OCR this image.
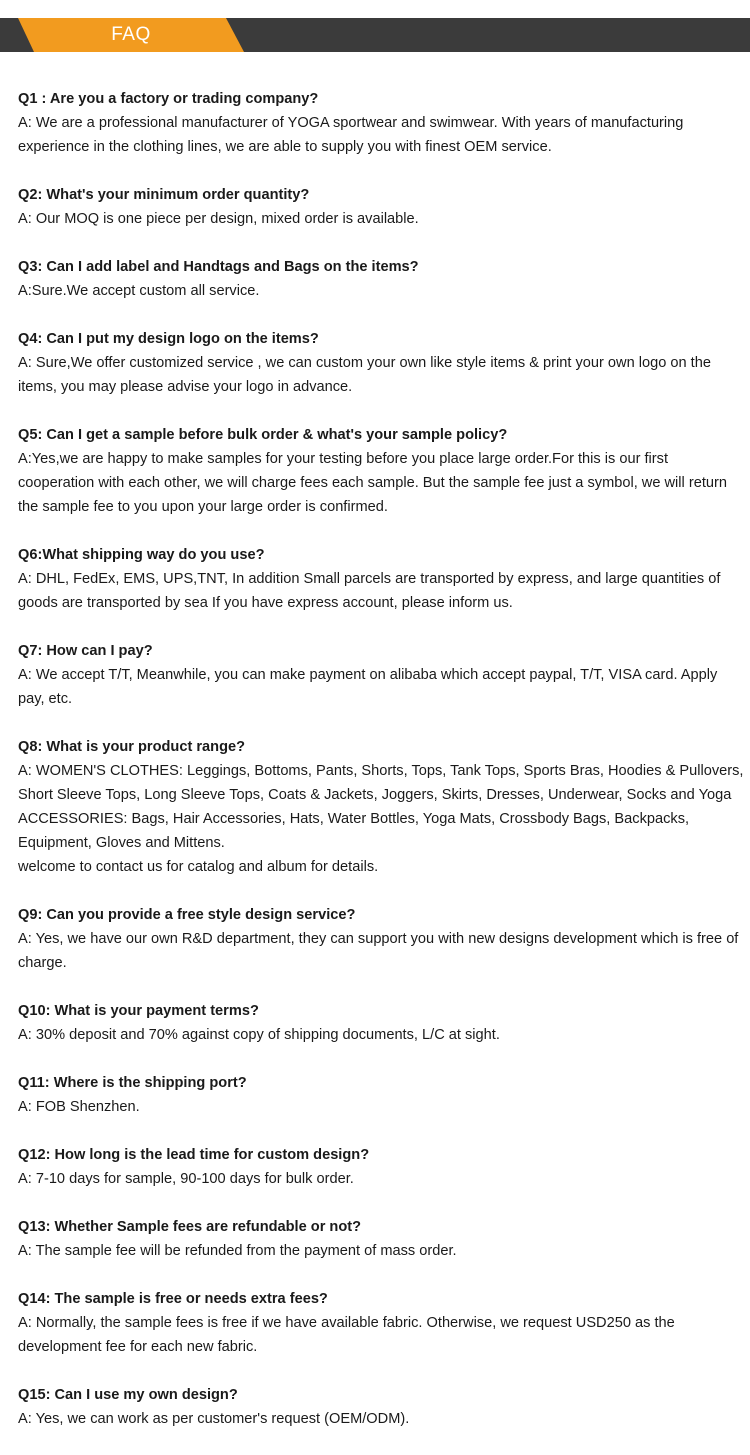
FAQ
Q1 : Are you a factory or trading company?
A: We are a professional manufacturer of YOGA sportwear and swimwear. With years of manufacturing experience in the clothing lines, we are able to supply you with finest OEM service.
Q2: What's your minimum order quantity?
A: Our MOQ is one piece per design, mixed order is available.
Q3: Can I add label and Handtags and Bags on the items?
A:Sure.We accept custom all service.
Q4: Can I put my design logo on the items?
A: Sure,We offer customized service , we can custom your own like style items & print your own logo on the items, you may please advise your logo in advance.
Q5: Can I get a sample before bulk order & what's your sample policy?
A:Yes,we are happy to make samples for your testing before you place large order.For this is our first cooperation with each other, we will charge fees each sample. But the sample fee just a symbol, we will return the sample fee to you upon your large order is confirmed.
Q6:What shipping way do you use?
A: DHL, FedEx, EMS, UPS,TNT, In addition Small parcels are transported by express, and large quantities of goods are transported by sea If you have express account, please inform us.
Q7: How can I pay?
A: We accept T/T, Meanwhile, you can make payment on alibaba which accept paypal, T/T, VISA card. Apply pay, etc.
Q8: What is your product range?
A: WOMEN'S CLOTHES: Leggings, Bottoms, Pants, Shorts, Tops, Tank Tops, Sports Bras, Hoodies & Pullovers, Short Sleeve Tops, Long Sleeve Tops, Coats & Jackets, Joggers, Skirts, Dresses, Underwear, Socks and Yoga ACCESSORIES: Bags, Hair Accessories, Hats, Water Bottles, Yoga Mats, Crossbody Bags, Backpacks, Equipment, Gloves and Mittens.
welcome to contact us for catalog and album for details.
Q9: Can you provide a free style design service?
A: Yes, we have our own R&D department, they can support you with new designs development which is free of charge.
Q10: What is your payment terms?
A: 30% deposit and 70% against copy of shipping documents, L/C at sight.
Q11: Where is the shipping port?
A: FOB Shenzhen.
Q12: How long is the lead time for custom design?
A: 7-10 days for sample, 90-100 days for bulk order.
Q13: Whether Sample fees are refundable or not?
A: The sample fee will be refunded from the payment of mass order.
Q14: The sample is free or needs extra fees?
A: Normally, the sample fees is free if we have available fabric. Otherwise, we request USD250 as the development fee for each new fabric.
Q15: Can I use my own design?
A: Yes, we can work as per customer's request (OEM/ODM).
